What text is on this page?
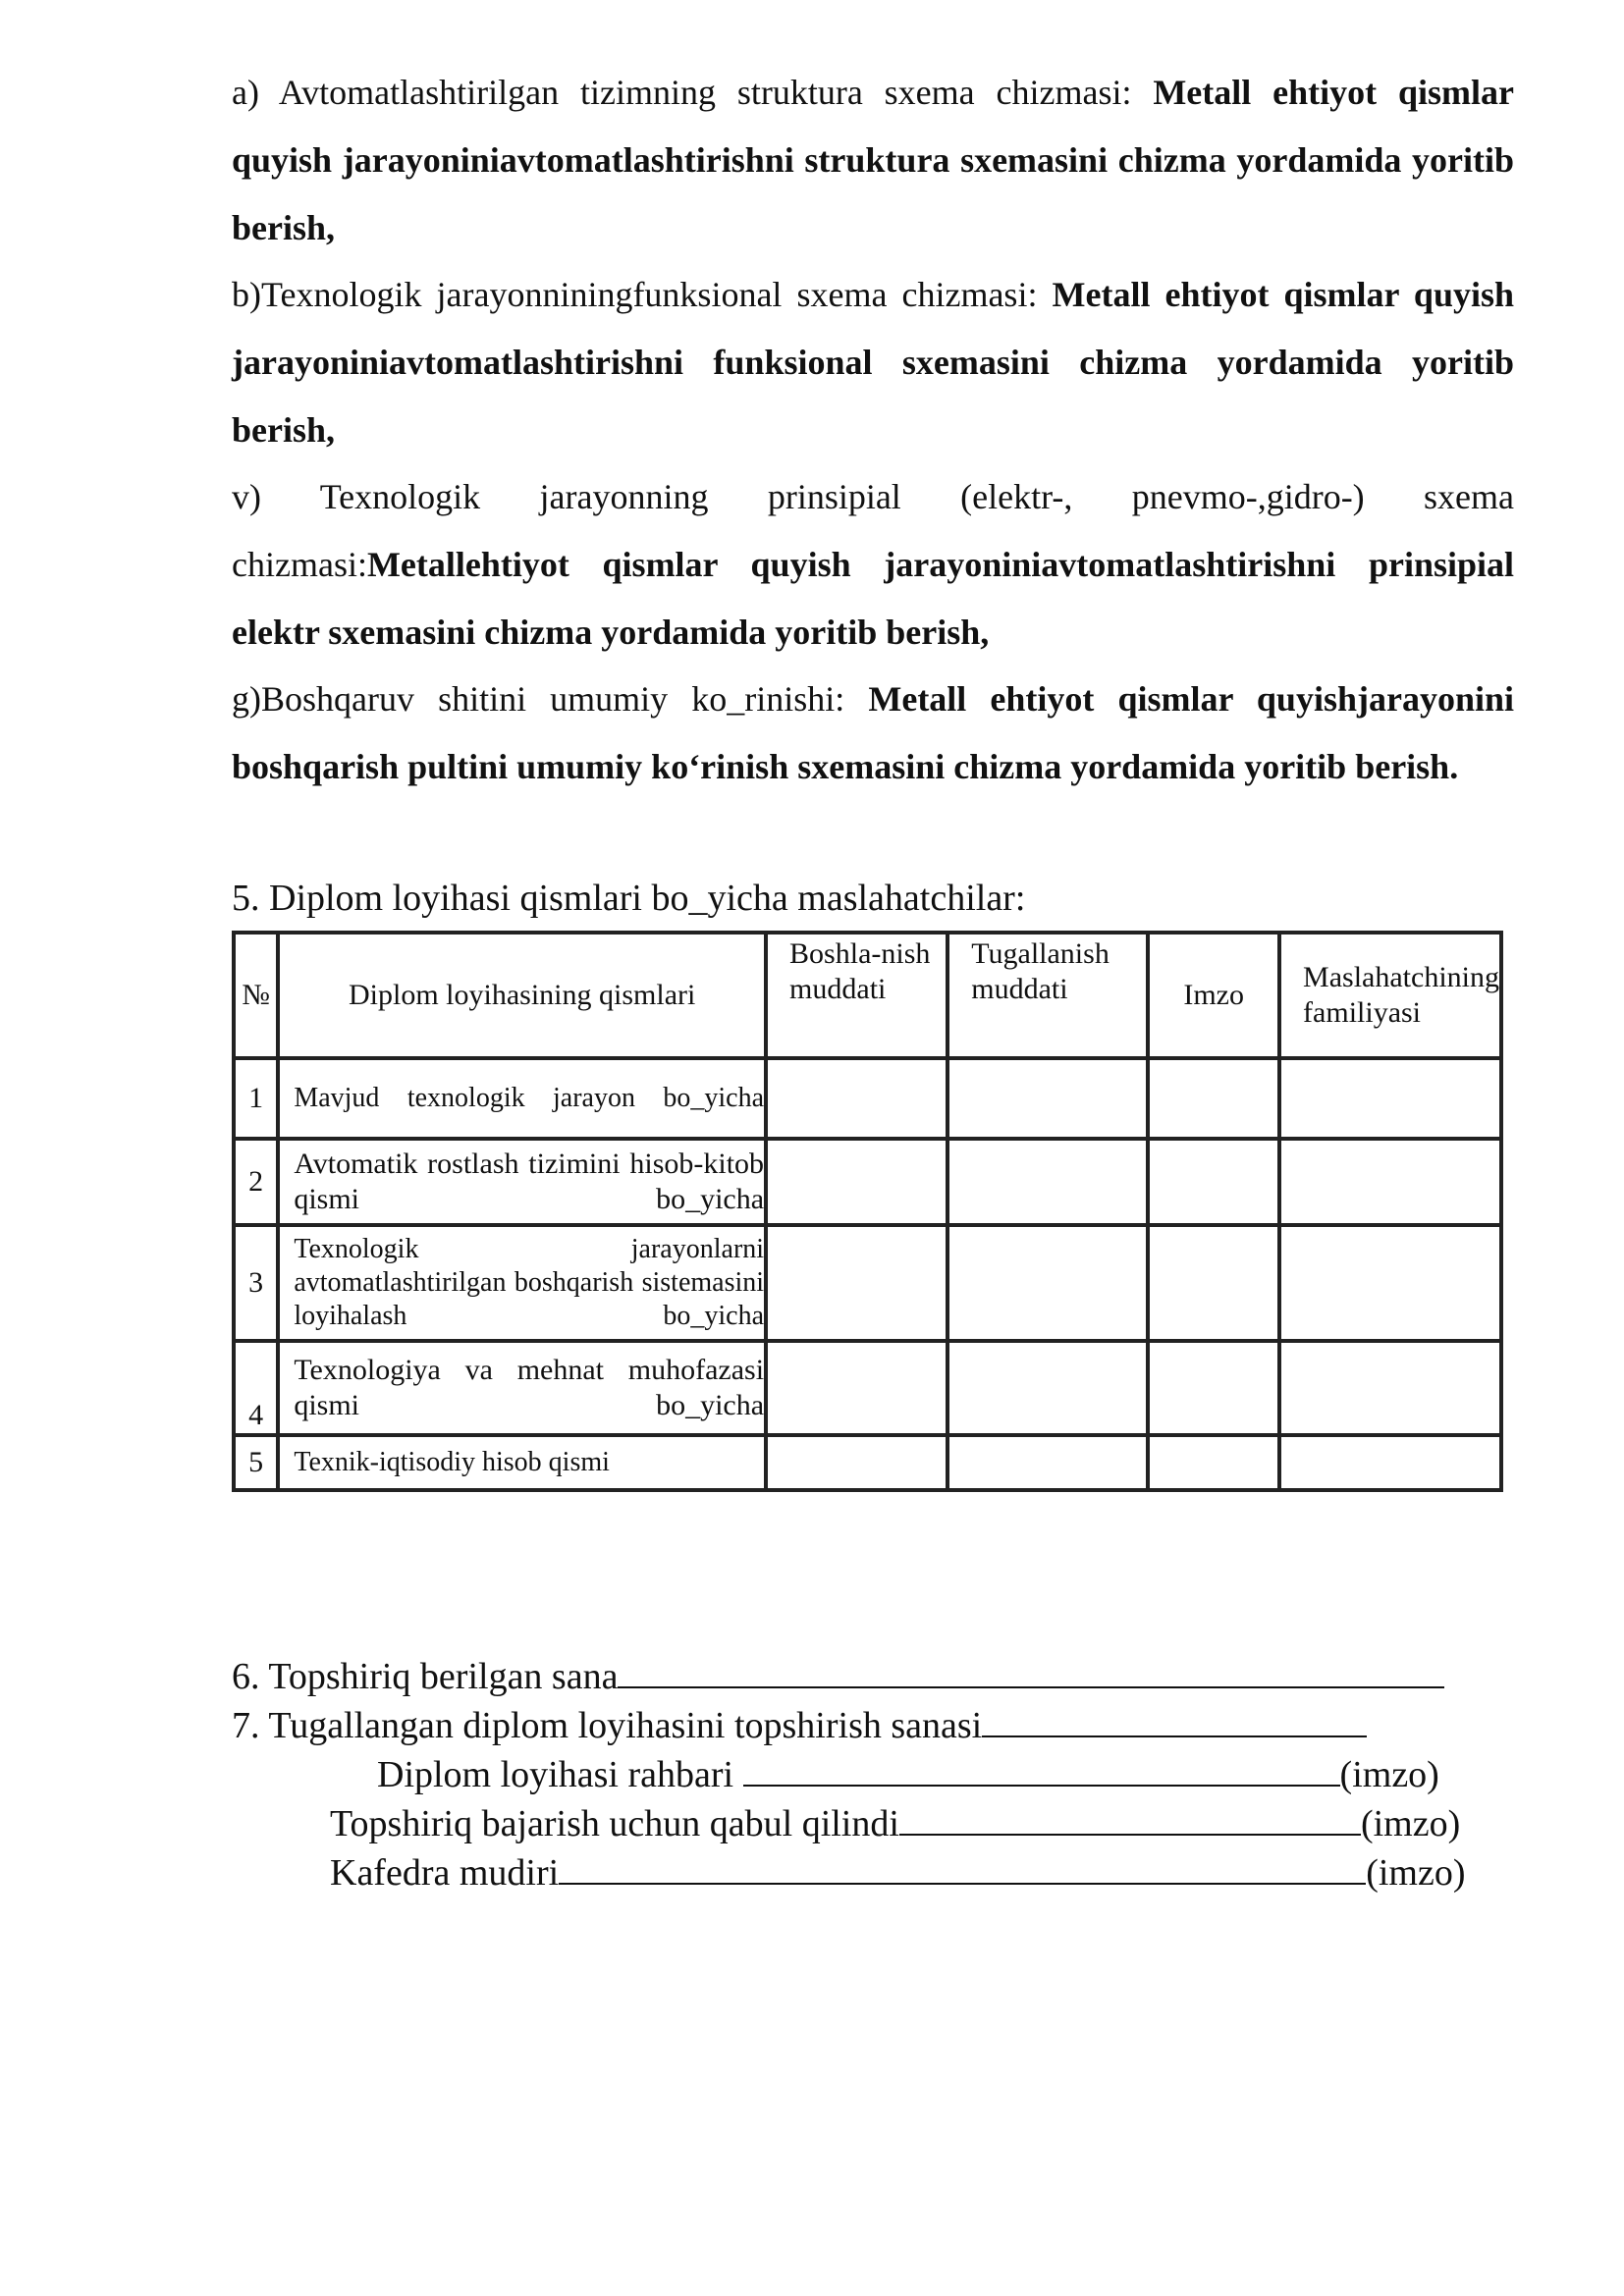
a) Avtomatlashtirilgan tizimning struktura sxema chizmasi: Metall ehtiyot qismlar quyish jarayoniniavtomatlashtirishni struktura sxemasini chizma yordamida yoritib berish,

b)Texnologik jarayonniningfunksional sxema chizmasi: Metall ehtiyot qismlar quyish jarayoniniavtomatlashtirishni funksional sxemasini chizma yordamida yoritib berish,

v) Texnologik jarayonning prinsipial (elektr-, pnevmo-,gidro-) sxema chizmasi:Metallehtiyot qismlar quyish jarayoniniavtomatlashtirishni prinsipial elektr sxemasini chizma yordamida yoritib berish,

g)Boshqaruv shitini umumiy ko_rinishi: Metall ehtiyot qismlar quyishjarayonini boshqarish pultini umumiy ko‘rinish sxemasini chizma yordamida yoritib berish.

5. Diplom loyihasi qismlari bo_yicha maslahatchilar:

№	Diplom loyihasining qismlari	Boshla-nish muddati	Tugallanish muddati	Imzo	Maslahatchining familiyasi
1	Mavjud texnologik jarayon bo_yicha				
2	Avtomatik rostlash tizimini hisob-kitob qismi bo_yicha				
3	Texnologik jarayonlarni avtomatlashtirilgan boshqarish sistemasini loyihalash bo_yicha				
4	Texnologiya va mehnat muhofazasi qismi bo_yicha				
5	Texnik-iqtisodiy hisob qismi				

6. Topshiriq berilgan sana

7. Tugallangan diplom loyihasini topshirish sanasi

Diplom loyihasi rahbari	(imzo)

Topshiriq bajarish uchun qabul qilindi	(imzo)

Kafedra mudiri	(imzo)
